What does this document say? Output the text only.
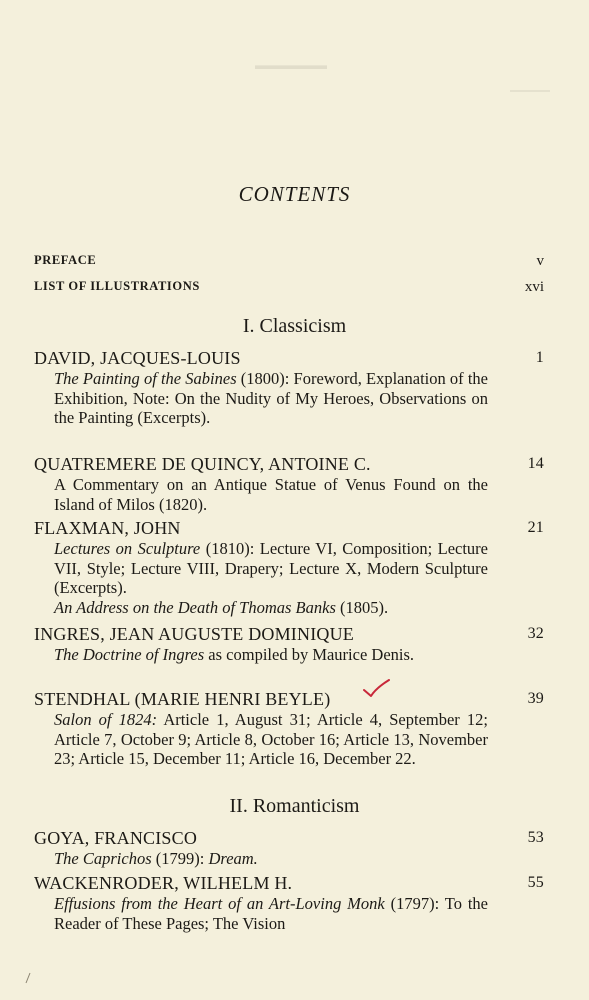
▬▬▬▬▬▬
CONTENTS
PREFACE	v
LIST OF ILLUSTRATIONS	xvi
I. Classicism
DAVID, JACQUES-LOUIS	1
The Painting of the Sabines (1800): Foreword, Explanation of the Exhibition, Note: On the Nudity of My Heroes, Observations on the Painting (Excerpts).
QUATREMERE DE QUINCY, ANTOINE C.	14
A Commentary on an Antique Statue of Venus Found on the Island of Milos (1820).
FLAXMAN, JOHN	21
Lectures on Sculpture (1810): Lecture VI, Composition; Lecture VII, Style; Lecture VIII, Drapery; Lecture X, Modern Sculpture (Excerpts).
An Address on the Death of Thomas Banks (1805).
INGRES, JEAN AUGUSTE DOMINIQUE	32
The Doctrine of Ingres as compiled by Maurice Denis.
STENDHAL (MARIE HENRI BEYLE)	39
Salon of 1824: Article 1, August 31; Article 4, September 12; Article 7, October 9; Article 8, October 16; Article 13, November 23; Article 15, December 11; Article 16, December 22.
II. Romanticism
GOYA, FRANCISCO	53
The Caprichos (1799): Dream.
WACKENRODER, WILHELM H.	55
Effusions from the Heart of an Art-Loving Monk (1797): To the Reader of These Pages; The Vision
